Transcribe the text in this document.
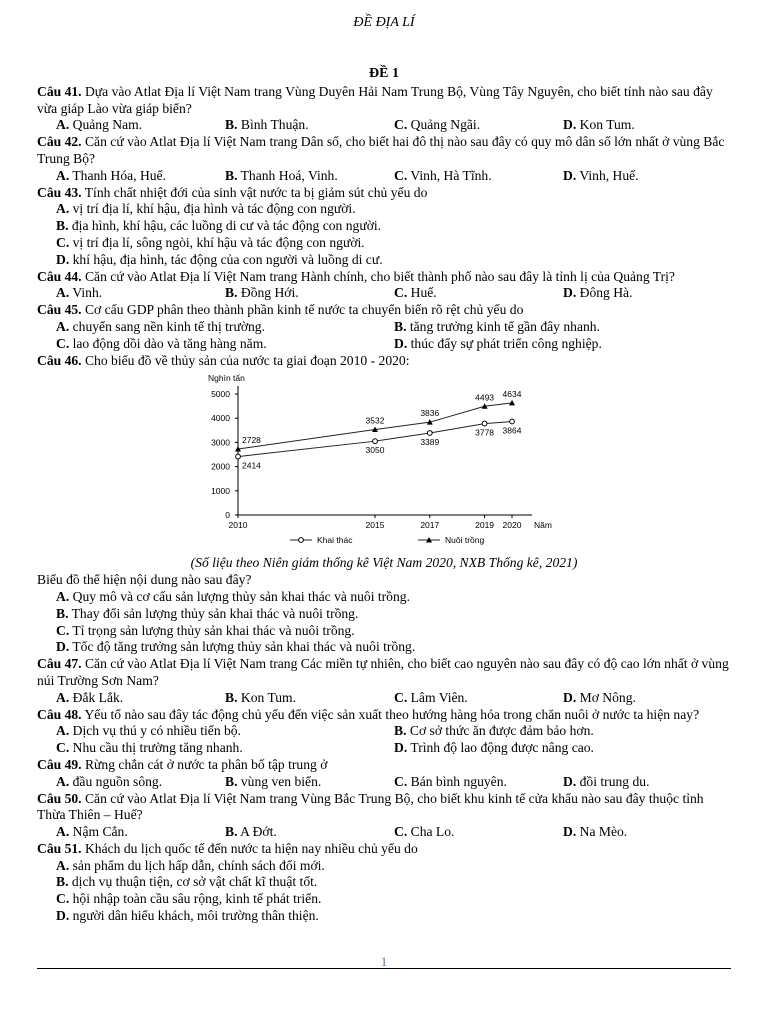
ĐỀ ĐỊA LÍ
ĐỀ 1
Câu 41. Dựa vào Atlat Địa lí Việt Nam trang Vùng Duyên Hải Nam Trung Bộ, Vùng Tây Nguyên, cho biết tỉnh nào sau đây vừa giáp Lào vừa giáp biển?
A. Quảng Nam.	B. Bình Thuận.	C. Quảng Ngãi.	D. Kon Tum.
Câu 42. Căn cứ vào Atlat Địa lí Việt Nam trang Dân số, cho biết hai đô thị nào sau đây có quy mô dân số lớn nhất ở vùng Bắc Trung Bộ?
A. Thanh Hóa, Huế.	B. Thanh Hoá, Vinh.	C. Vinh, Hà Tĩnh.	D. Vinh, Huế.
Câu 43. Tính chất nhiệt đới của sinh vật nước ta bị giảm sút chủ yếu do
A. vị trí địa lí, khí hậu, địa hình và tác động con người.
B. địa hình, khí hậu, các luồng di cư và tác động con người.
C. vị trí địa lí, sông ngòi, khí hậu và tác động con người.
D. khí hậu, địa hình, tác động của con người và luồng di cư.
Câu 44. Căn cứ vào Atlat Địa lí Việt Nam trang Hành chính, cho biết thành phố nào sau đây là tỉnh lị của Quảng Trị?
A. Vinh.	B. Đồng Hới.	C. Huế.	D. Đông Hà.
Câu 45. Cơ cấu GDP phân theo thành phần kinh tế nước ta chuyển biến rõ rệt chủ yếu do
A. chuyển sang nền kinh tế thị trường.	B. tăng trưởng kinh tế gần đây nhanh.
C. lao động dồi dào và tăng hàng năm.	D. thúc đẩy sự phát triển công nghiệp.
Câu 46. Cho biểu đồ về thủy sản của nước ta giai đoạn 2010 - 2020:
Nghìn tấn
0
1000
2000
3000
4000
5000
2010	2015	2017	2019 2020 Năm
2414
3050
3389
3778 3864
2728
3532
3836
4493 4634
Khai thác	Nuôi trồng
(Số liệu theo Niên giám thống kê Việt Nam 2020, NXB Thống kê, 2021)
Biểu đồ thể hiện nội dung nào sau đây?
A. Quy mô và cơ cấu sản lượng thủy sản khai thác và nuôi trồng.
B. Thay đổi sản lượng thủy sản khai thác và nuôi trồng.
C. Tỉ trọng sản lượng thủy sản khai thác và nuôi trồng.
D. Tốc độ tăng trưởng sản lượng thủy sản khai thác và nuôi trồng.
Câu 47. Căn cứ vào Atlat Địa lí Việt Nam trang Các miền tự nhiên, cho biết cao nguyên nào sau đây có độ cao lớn nhất ở vùng núi Trường Sơn Nam?
A. Đắk Lắk.	B. Kon Tum.	C. Lâm Viên.	D. Mơ Nông.
Câu 48. Yếu tố nào sau đây tác động chủ yếu đến việc sản xuất theo hướng hàng hóa trong chăn nuôi ở nước ta hiện nay?
A. Dịch vụ thú y có nhiều tiến bộ.	B. Cơ sở thức ăn được đảm bảo hơn.
C. Nhu cầu thị trường tăng nhanh.	D. Trình độ lao động được nâng cao.
Câu 49. Rừng chắn cát ở nước ta phân bố tập trung ở
A. đầu nguồn sông.	B. vùng ven biển.	C. Bán bình nguyên.	D. đồi trung du.
Câu 50. Căn cứ vào Atlat Địa lí Việt Nam trang Vùng Bắc Trung Bộ, cho biết khu kinh tế cửa khẩu nào sau đây thuộc tỉnh Thừa Thiên – Huế?
A. Nậm Cắn.	B. A Đớt.	C. Cha Lo.	D. Na Mèo.
Câu 51. Khách du lịch quốc tế đến nước ta hiện nay nhiều chủ yếu do
A. sản phẩm du lịch hấp dẫn, chính sách đổi mới.
B. dịch vụ thuận tiện, cơ sở vật chất kĩ thuật tốt.
C. hội nhập toàn cầu sâu rộng, kinh tế phát triển.
D. người dân hiếu khách, môi trường thân thiện.
1
